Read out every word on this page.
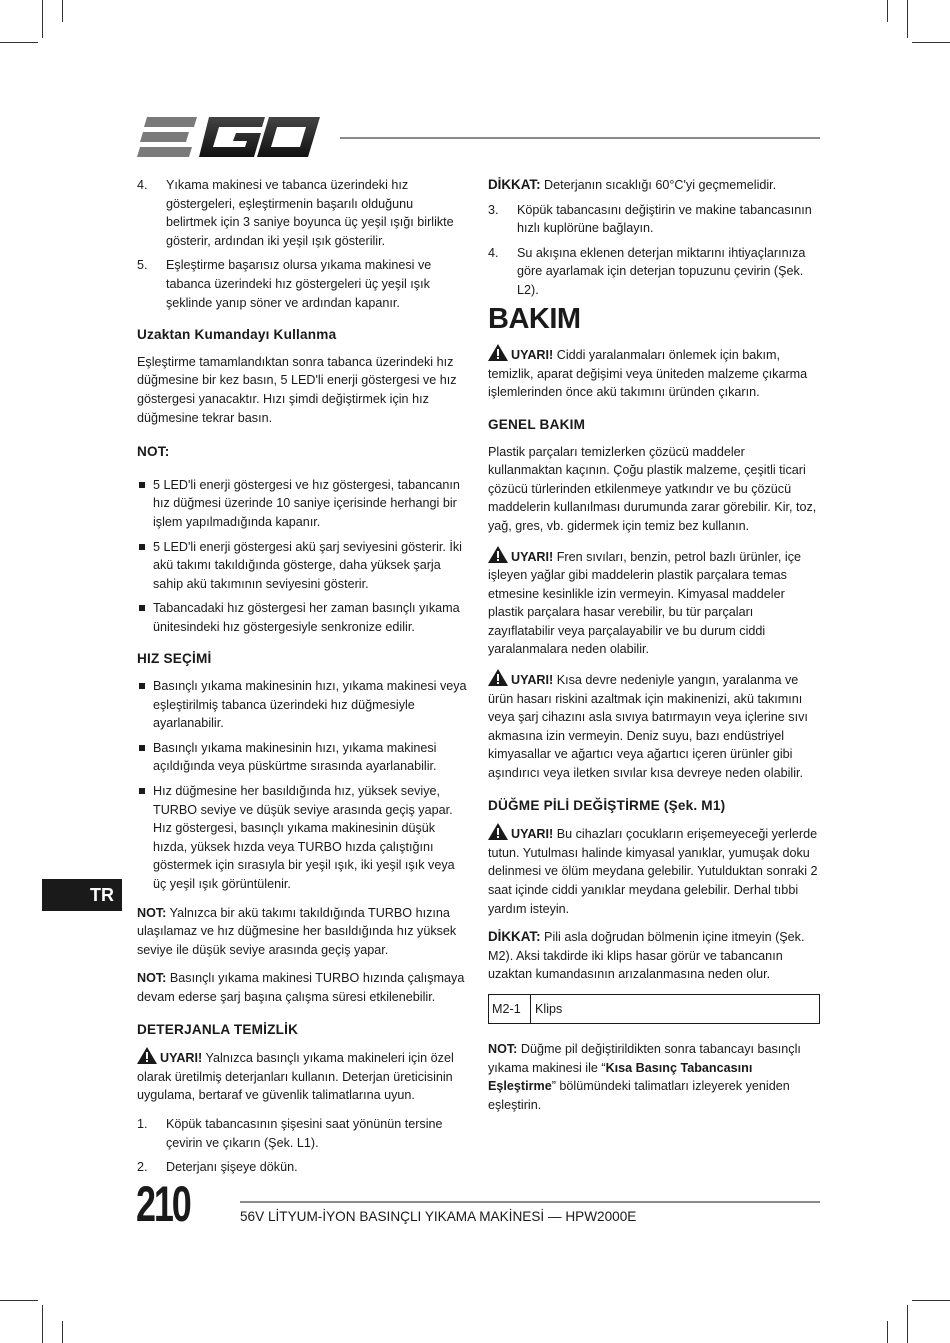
4. Yıkama makinesi ve tabanca üzerindeki hız göstergeleri, eşleştirmenin başarılı olduğunu belirtmek için 3 saniye boyunca üç yeşil ışığı birlikte gösterir, ardından iki yeşil ışık gösterilir.
5. Eşleştirme başarısız olursa yıkama makinesi ve tabanca üzerindeki hız göstergeleri üç yeşil ışık şeklinde yanıp söner ve ardından kapanır.
Uzaktan Kumandayı Kullanma

Eşleştirme tamamlandıktan sonra tabanca üzerindeki hız düğmesine bir kez basın, 5 LED'li enerji göstergesi ve hız göstergesi yanacaktır. Hızı şimdi değiştirmek için hız düğmesine tekrar basın.

NOT:
5 LED'li enerji göstergesi ve hız göstergesi, tabancanın hız düğmesi üzerinde 10 saniye içerisinde herhangi bir işlem yapılmadığında kapanır.
5 LED'li enerji göstergesi akü şarj seviyesini gösterir. İki akü takımı takıldığında gösterge, daha yüksek şarja sahip akü takımının seviyesini gösterir.
Tabancadaki hız göstergesi her zaman basınçlı yıkama ünitesindeki hız göstergesiyle senkronize edilir.
HIZ SEÇİMİ
Basınçlı yıkama makinesinin hızı, yıkama makinesi veya eşleştirilmiş tabanca üzerindeki hız düğmesiyle ayarlanabilir.
Basınçlı yıkama makinesinin hızı, yıkama makinesi açıldığında veya püskürtme sırasında ayarlanabilir.
Hız düğmesine her basıldığında hız, yüksek seviye, TURBO seviye ve düşük seviye arasında geçiş yapar. Hız göstergesi, basınçlı yıkama makinesinin düşük hızda, yüksek hızda veya TURBO hızda çalıştığını göstermek için sırasıyla bir yeşil ışık, iki yeşil ışık veya üç yeşil ışık görüntülenir.

NOT: Yalnızca bir akü takımı takıldığında TURBO hızına ulaşılamaz ve hız düğmesine her basıldığında hız yüksek seviye ile düşük seviye arasında geçiş yapar.

NOT: Basınçlı yıkama makinesi TURBO hızında çalışmaya devam ederse şarj başına çalışma süresi etkilenebilir.

DETERJANLA TEMİZLİK

UYARI! Yalnızca basınçlı yıkama makineleri için özel olarak üretilmiş deterjanları kullanın. Deterjan üreticisinin uygulama, bertaraf ve güvenlik talimatlarına uyun.

1. Köpük tabancasının şişesini saat yönünün tersine çevirin ve çıkarın (Şek. L1).
2. Deterjanı şişeye dökün.

DİKKAT: Deterjanın sıcaklığı 60°C'yi geçmemelidir.

3. Köpük tabancasını değiştirin ve makine tabancasının hızlı kuplörüne bağlayın.
4. Su akışına eklenen deterjan miktarını ihtiyaçlarınıza göre ayarlamak için deterjan topuzunu çevirin (Şek. L2).
BAKIM

UYARI! Ciddi yaralanmaları önlemek için bakım, temizlik, aparat değişimi veya üniteden malzeme çıkarma işlemlerinden önce akü takımını üründen çıkarın.

GENEL BAKIM

Plastik parçaları temizlerken çözücü maddeler kullanmaktan kaçının. Çoğu plastik malzeme, çeşitli ticari çözücü türlerinden etkilenmeye yatkındır ve bu çözücü maddelerin kullanılması durumunda zarar görebilir. Kir, toz, yağ, gres, vb. gidermek için temiz bez kullanın.

UYARI! Fren sıvıları, benzin, petrol bazlı ürünler, içe işleyen yağlar gibi maddelerin plastik parçalara temas etmesine kesinlikle izin vermeyin. Kimyasal maddeler plastik parçalara hasar verebilir, bu tür parçaları zayıflatabilir veya parçalayabilir ve bu durum ciddi yaralanmalara neden olabilir.

UYARI! Kısa devre nedeniyle yangın, yaralanma ve ürün hasarı riskini azaltmak için makinenizi, akü takımını veya şarj cihazını asla sıvıya batırmayın veya içlerine sıvı akmasına izin vermeyin. Deniz suyu, bazı endüstriyel kimyasallar ve ağartıcı veya ağartıcı içeren ürünler gibi aşındırıcı veya iletken sıvılar kısa devreye neden olabilir.

DÜĞME PİLİ DEĞİŞTİRME (Şek. M1)

UYARI! Bu cihazları çocukların erişemeyeceği yerlerde tutun. Yutulması halinde kimyasal yanıklar, yumuşak doku delinmesi ve ölüm meydana gelebilir. Yutulduktan sonraki 2 saat içinde ciddi yanıklar meydana gelebilir. Derhal tıbbi yardım isteyin.

DİKKAT: Pili asla doğrudan bölmenin içine itmeyin (Şek. M2). Aksi takdirde iki klips hasar görür ve tabancanın uzaktan kumandasının arızalanmasına neden olur.

M2-1	Klips

NOT: Düğme pil değiştirildikten sonra tabancayı basınçlı yıkama makinesi ile “Kısa Basınç Tabancasını Eşleştirme” bölümündeki talimatları izleyerek yeniden eşleştirin.

TR
210	56V LİTYUM-İYON BASINÇLI YIKAMA MAKİNESİ — HPW2000E
